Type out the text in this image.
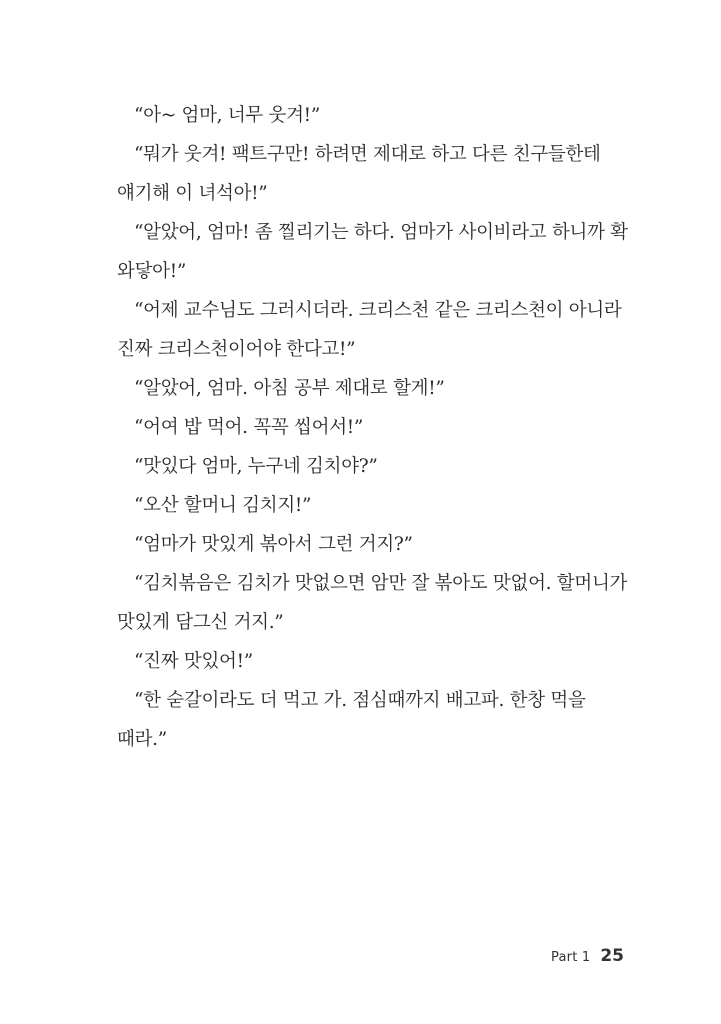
“아~ 엄마, 너무 웃겨!”

“뭐가 웃겨! 팩트구만! 하려면 제대로 하고 다른 친구들한테 얘기해 이 녀석아!”

“알았어, 엄마! 좀 찔리기는 하다. 엄마가 사이비라고 하니까 확 와닿아!”

“어제 교수님도 그러시더라. 크리스천 같은 크리스천이 아니라 진짜 크리스천이어야 한다고!”

“알았어, 엄마. 아침 공부 제대로 할게!”

“어여 밥 먹어. 꼭꼭 씹어서!”

“맛있다 엄마, 누구네 김치야?”

“오산 할머니 김치지!”

“엄마가 맛있게 볶아서 그런 거지?”

“김치볶음은 김치가 맛없으면 암만 잘 볶아도 맛없어. 할머니가 맛있게 담그신 거지.”

“진짜 맛있어!”

“한 숟갈이라도 더 먹고 가. 점심때까지 배고파. 한창 먹을 때라.”

Part 1 25
